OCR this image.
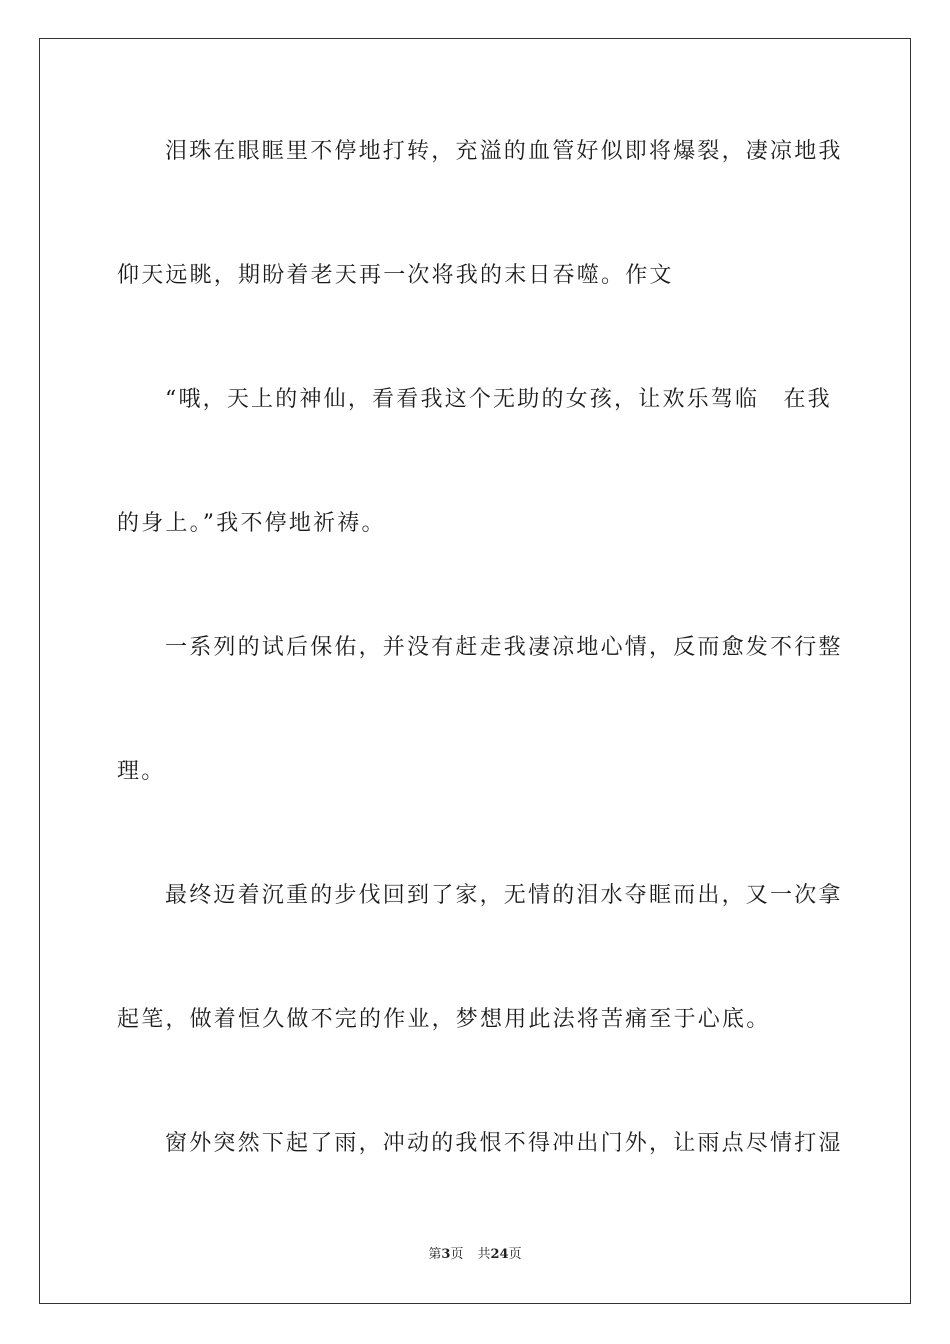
泪珠在眼眶里不停地打转，充溢的血管好似即将爆裂，凄凉地我
仰天远眺，期盼着老天再一次将我的末日吞噬。作文
“哦，天上的神仙，看看我这个无助的女孩，让欢乐驾临　在我
的身上。”我不停地祈祷。
一系列的试后保佑，并没有赶走我凄凉地心情，反而愈发不行整
理。
最终迈着沉重的步伐回到了家，无情的泪水夺眶而出，又一次拿
起笔，做着恒久做不完的作业，梦想用此法将苦痛至于心底。
窗外突然下起了雨，冲动的我恨不得冲出门外，让雨点尽情打湿
第3页 共24页
